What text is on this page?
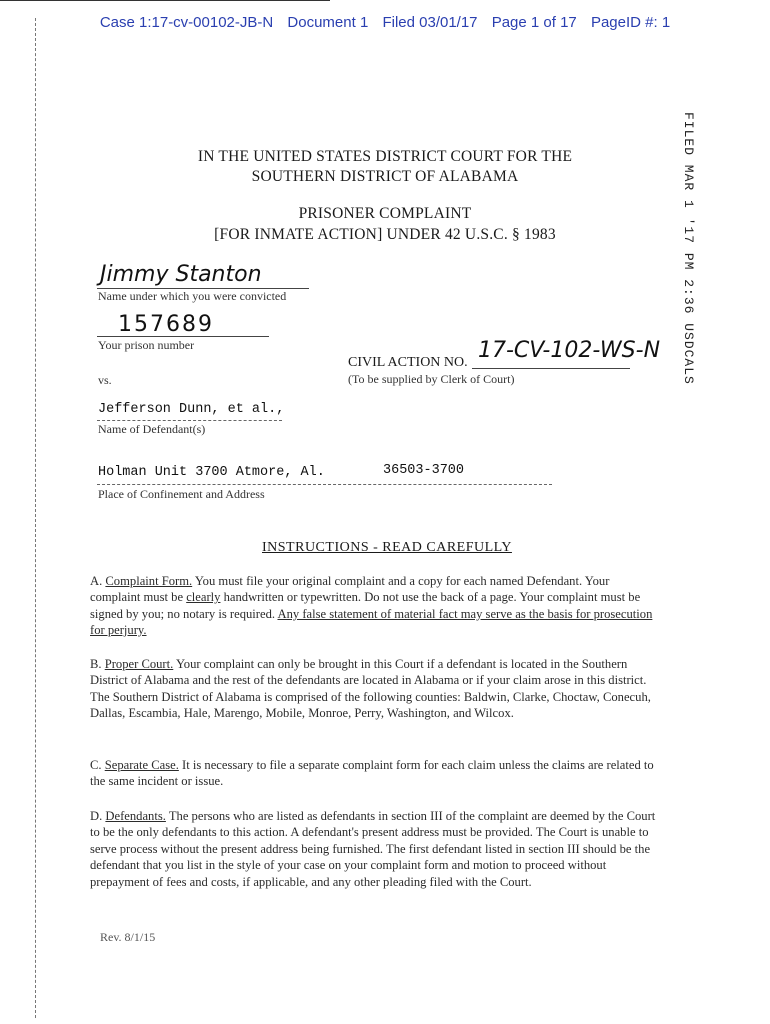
Case 1:17-cv-00102-JB-N Document 1 Filed 03/01/17 Page 1 of 17 PageID #: 1
FILED MAR 1 '17 PM 2:36 USDCALS
IN THE UNITED STATES DISTRICT COURT FOR THE
SOUTHERN DISTRICT OF ALABAMA
PRISONER COMPLAINT
[FOR INMATE ACTION] UNDER 42 U.S.C. § 1983
Jimmy Stanton
Name under which you were convicted
157689
Your prison number
CIVIL ACTION NO. 17-CV-102-WS-N
(To be supplied by Clerk of Court)
vs.
Jefferson Dunn, et al.,
Name of Defendant(s)
Holman Unit 3700 Atmore, Al.	36503-3700
Place of Confinement and Address
INSTRUCTIONS - READ CAREFULLY
A. Complaint Form. You must file your original complaint and a copy for each named Defendant. Your complaint must be clearly handwritten or typewritten. Do not use the back of a page. Your complaint must be signed by you; no notary is required. Any false statement of material fact may serve as the basis for prosecution for perjury.
B. Proper Court. Your complaint can only be brought in this Court if a defendant is located in the Southern District of Alabama and the rest of the defendants are located in Alabama or if your claim arose in this district. The Southern District of Alabama is comprised of the following counties: Baldwin, Clarke, Choctaw, Conecuh, Dallas, Escambia, Hale, Marengo, Mobile, Monroe, Perry, Washington, and Wilcox.
C. Separate Case. It is necessary to file a separate complaint form for each claim unless the claims are related to the same incident or issue.
D. Defendants. The persons who are listed as defendants in section III of the complaint are deemed by the Court to be the only defendants to this action. A defendant's present address must be provided. The Court is unable to serve process without the present address being furnished. The first defendant listed in section III should be the defendant that you list in the style of your case on your complaint form and motion to proceed without prepayment of fees and costs, if applicable, and any other pleading filed with the Court.
Rev. 8/1/15
